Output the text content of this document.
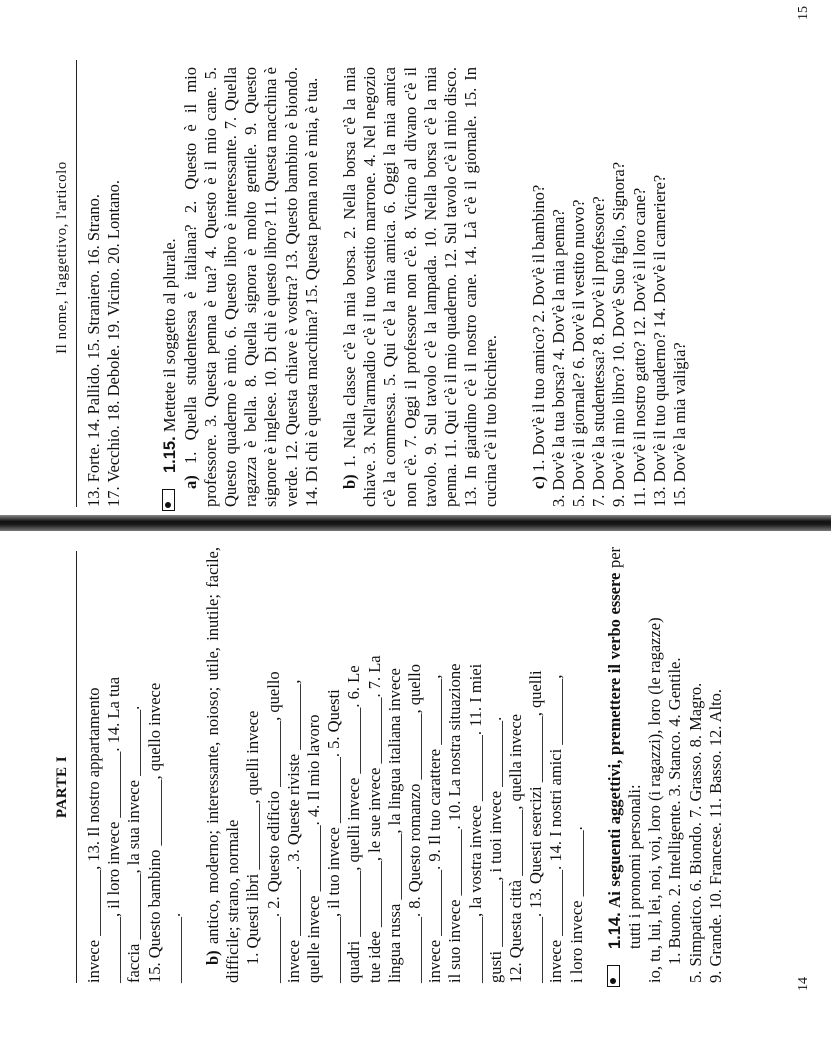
PARTE I invece ________, 13. Il nostro appartamento ________, il loro invece ________. 14. La tua faccia ________, la sua invece ________. 15. Questo bambino ________, quello invece ________. b) antico, moderno; interessante, noioso; utile, inutile; facile, difficile; strano, normale 1. Questi libri ________, quelli invece ________. 2. Questo edificio ________, quello invece ________. 3. Queste riviste ________, quelle invece ________. 4. Il mio lavoro ________, il tuo invece ________. 5. Questi quadri ________, quelli invece ________. 6. Le tue idee ________, le sue invece ________. 7. La lingua russa ________, la lingua italiana invece ________. 8. Questo romanzo ________, quello invece ________. 9. Il tuo carattere ________, il suo invece ________. 10. La nostra situazione ________, la vostra invece ________. 11. I miei gusti ________, i tuoi invece ________. 12. Questa città ________, quella invece ________. 13. Questi esercizi ________, quelli invece ________. 14. I nostri amici ________, i loro invece ________. 1.14. Ai seguenti aggettivi, premettere il verbo essere per tutti i pronomi personali: io, tu, lui, lei, noi, voi, loro (i ragazzi), loro (le ragazze) 1. Buono. 2. Intelligente. 3. Stanco. 4. Gentile. 5. Simpatico. 6. Biondo. 7. Grasso. 8. Magro. 9. Grande. 10. Francese. 11. Basso. 12. Alto.

14
Il nome, l'aggettivo, l'articolo 13. Forte. 14. Pallido. 15. Straniero. 16. Strano. 17. Vecchio. 18. Debole. 19. Vicino. 20. Lontano. 1.15. Mettete il soggetto al plurale.

a) 1. Quella studentessa è italiana? 2. Questo è il mio professore. 3. Questa penna è tua? 4. Questo è il mio cane. 5. Questo quaderno è mio. 6. Questo libro è interessante. 7. Quella ragazza è bella. 8. Quella signora è molto gentile. 9. Questo signore è inglese. 10. Di chi è questo libro? 11. Questa macchina è verde. 12. Questa chiave è vostra? 13. Questo bambino è biondo. 14. Di chi è questa macchina? 15. Questa penna non è mia, è tua. b) 1. Nella classe c'è la mia borsa. 2. Nella borsa c'è la mia chiave. 3. Nell'armadio c'è il tuo vestito marrone. 4. Nel negozio c'è la commessa. 5. Qui c'è la mia amica. 6. Oggi la mia amica non c'è. 7. Oggi il professore non c'è. 8. Vicino al divano c'è il tavolo. 9. Sul tavolo c'è la lampada. 10. Nella borsa c'è la mia penna. 11. Qui c'è il mio quaderno. 12. Sul tavolo c'è il mio disco. 13. In giardino c'è il nostro cane. 14. Là c'è il giornale. 15. In cucina c'è il tuo bicchiere. c) 1. Dov'è il tuo amico? 2. Dov'è il bambino? 3. Dov'è la tua borsa? 4. Dov'è la mia penna? 5. Dov'è il giornale? 6. Dov'è il vestito nuovo? 7. Dov'è la studentessa? 8. Dov'è il professore? 9. Dov'è il mio libro? 10. Dov'è Suo figlio, Signora? 11. Dov'è il nostro gatto? 12. Dov'è il loro cane? 13. Dov'è il tuo quaderno? 14. Dov'è il cameriere? 15. Dov'è la mia valigia?

15
